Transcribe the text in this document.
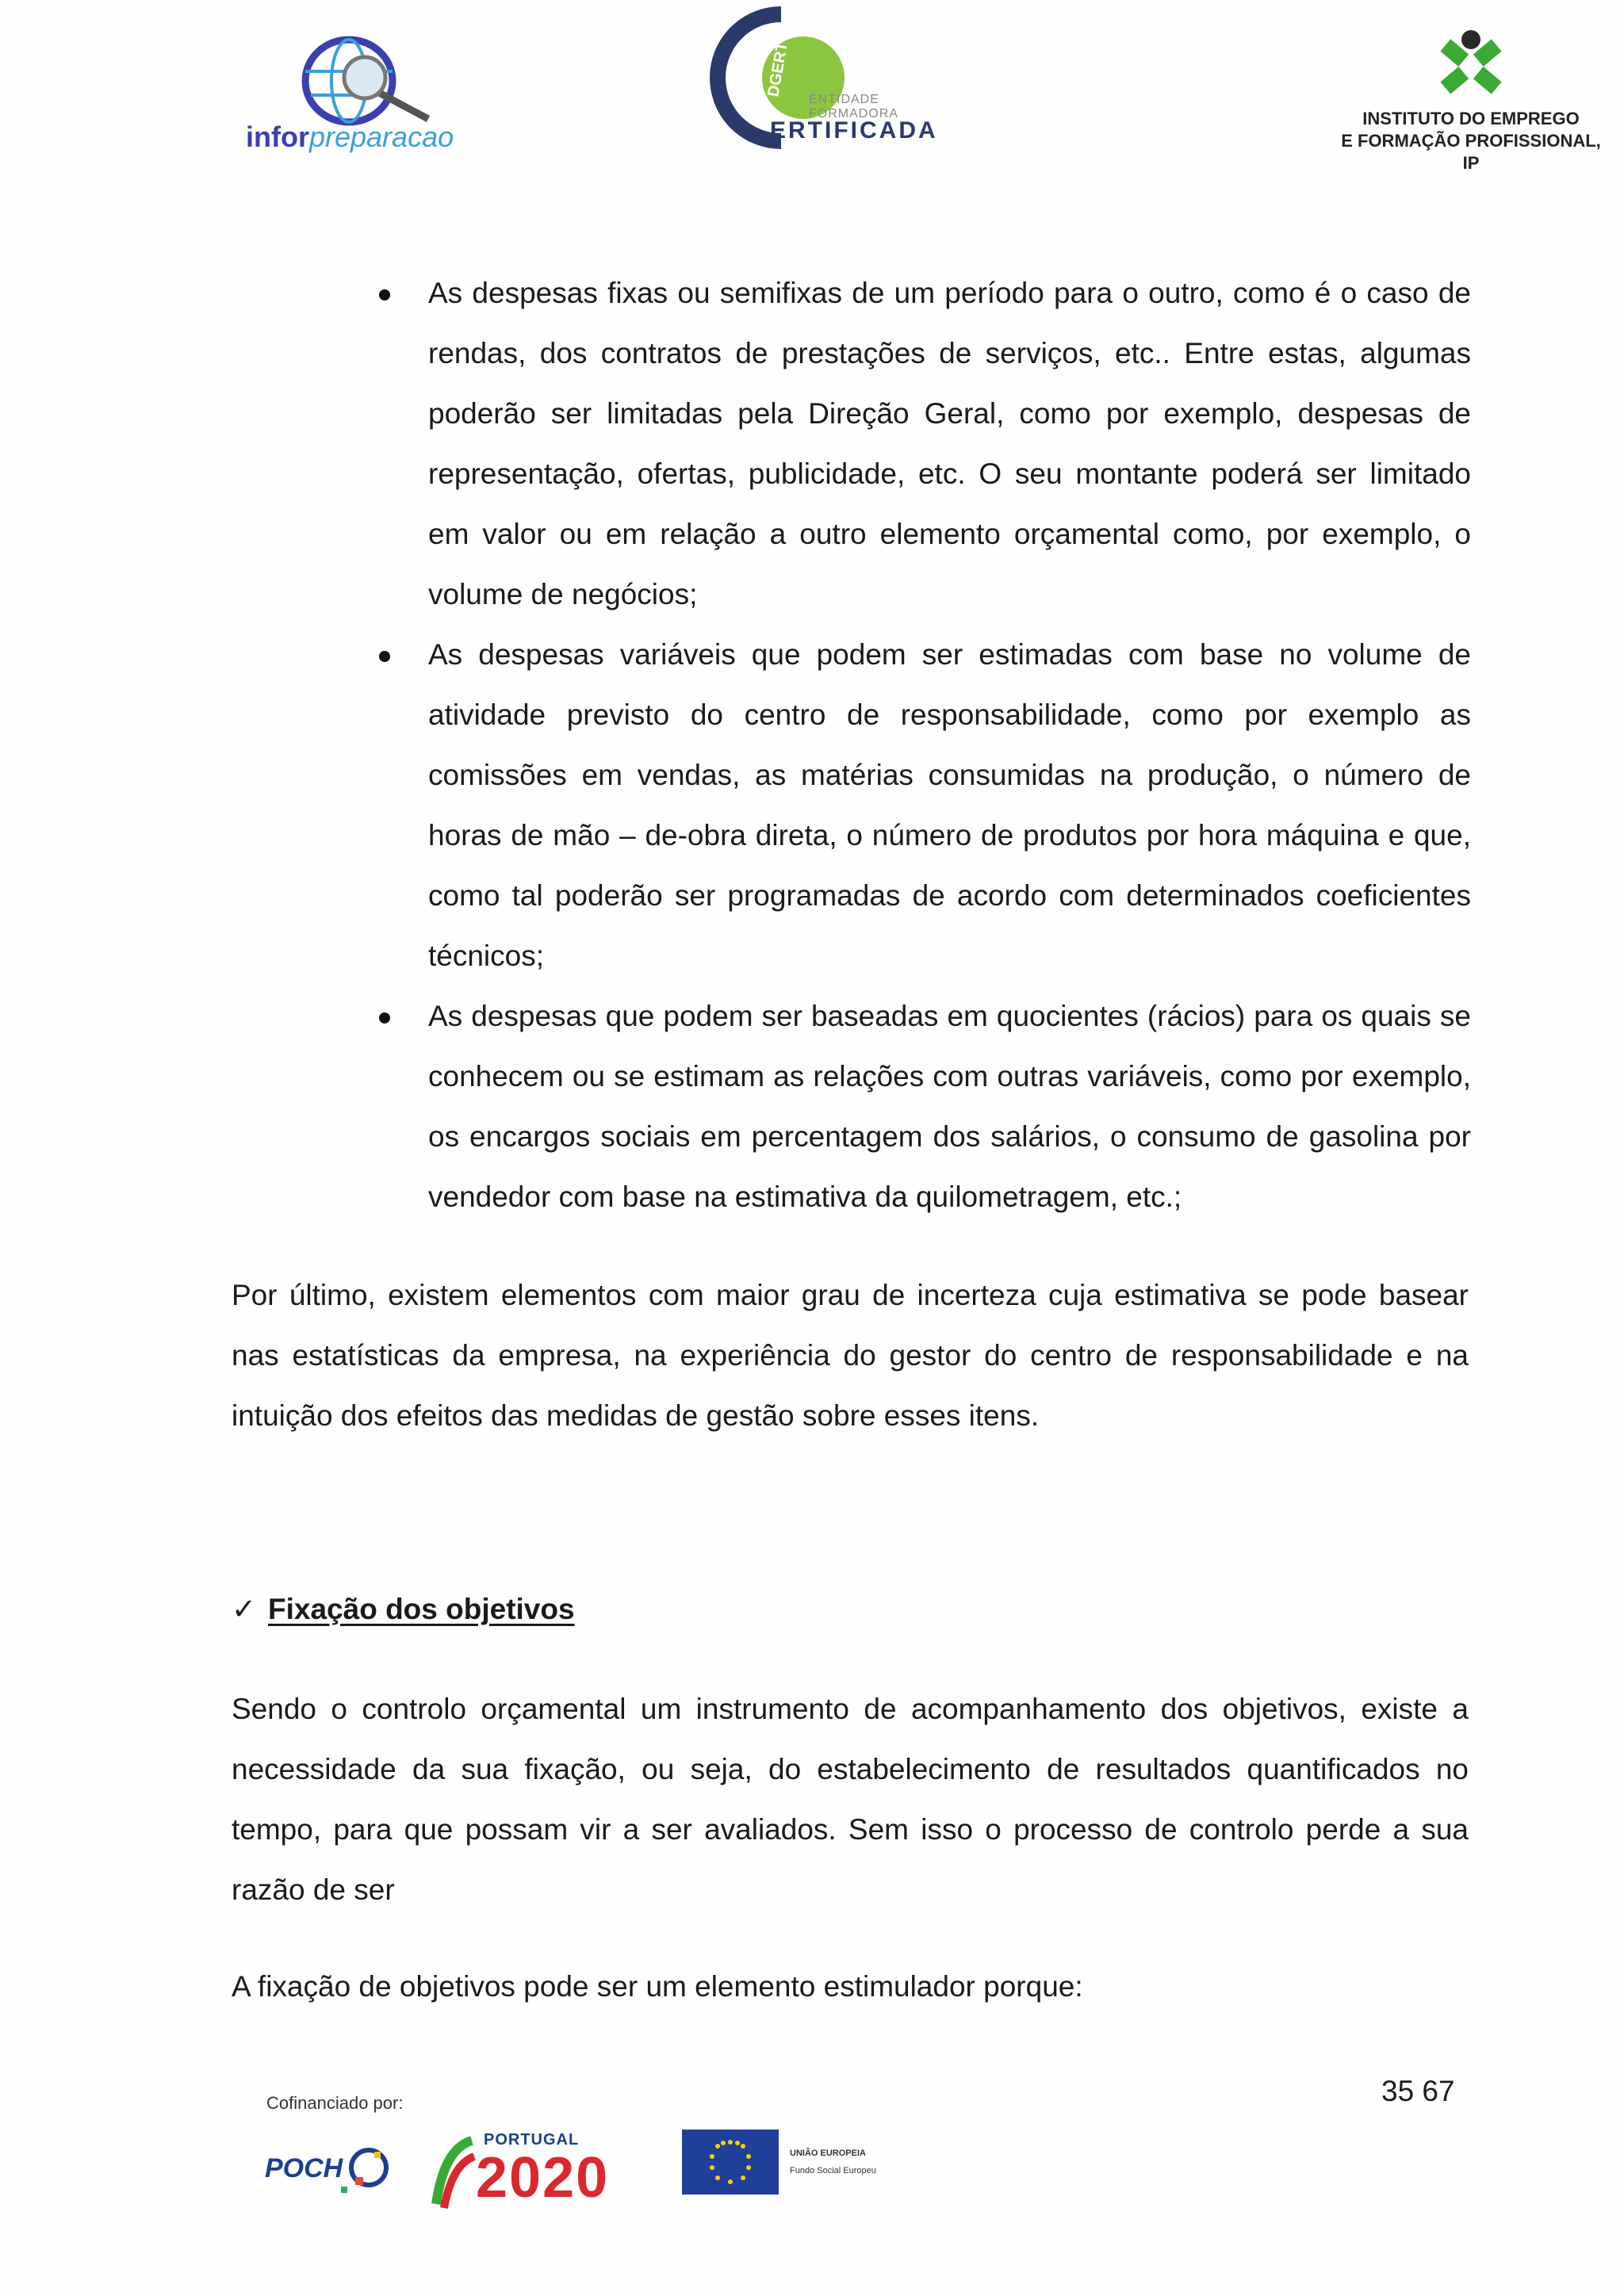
inforpreparacao
DGERT
ENTIDADE
FORMADORA
ERTIFICADA	INSTITUTO DO EMPREGO
E FORMAÇÃO PROFISSIONAL, IP
As despesas fixas ou semifixas de um período para o outro, como é o caso de rendas, dos contratos de prestações de serviços, etc.. Entre estas, algumas poderão ser limitadas pela Direção Geral, como por exemplo, despesas de representação, ofertas, publicidade, etc. O seu montante poderá ser limitado em valor ou em relação a outro elemento orçamental como, por exemplo, o volume de negócios;
As despesas variáveis que podem ser estimadas com base no volume de atividade previsto do centro de responsabilidade, como por exemplo as comissões em vendas, as matérias consumidas na produção, o número de horas de mão – de-obra direta, o número de produtos por hora máquina e que, como tal poderão ser programadas de acordo com determinados coeficientes técnicos;
As despesas que podem ser baseadas em quocientes (rácios) para os quais se conhecem ou se estimam as relações com outras variáveis, como por exemplo, os encargos sociais em percentagem dos salários, o consumo de gasolina por vendedor com base na estimativa da quilometragem, etc.;
Por último, existem elementos com maior grau de incerteza cuja estimativa se pode basear nas estatísticas da empresa, na experiência do gestor do centro de responsabilidade e na intuição dos efeitos das medidas de gestão sobre esses itens.
✓ Fixação dos objetivos
Sendo o controlo orçamental um instrumento de acompanhamento dos objetivos, existe a necessidade da sua fixação, ou seja, do estabelecimento de resultados quantificados no tempo, para que possam vir a ser avaliados. Sem isso o processo de controlo perde a sua razão de ser
A fixação de objetivos pode ser um elemento estimulador porque:
35 67
Cofinanciado por:
POCH
PORTUGAL
2020	UNIÃO EUROPEIA
Fundo Social Europeu
